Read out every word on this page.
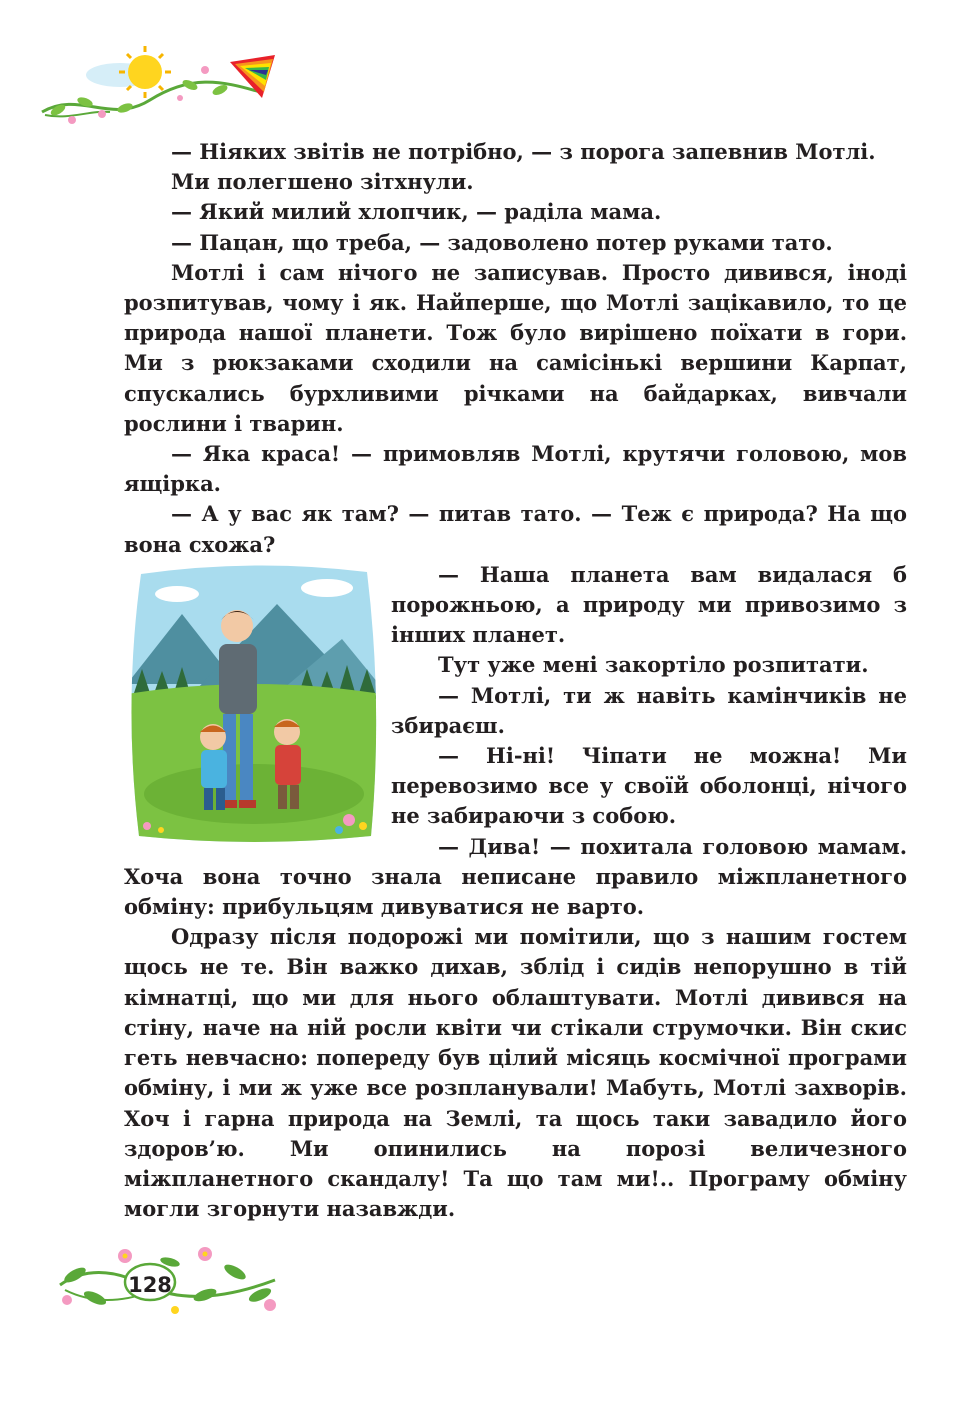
— Ніяких звітів не потрібно, — з порога запевнив Мотлі.

Ми полегшено зітхнули.

— Який милий хлопчик, — раділа мама.

— Пацан, що треба, — задоволено потер руками тато.

Мотлі і сам нічого не записував. Просто дивився, іноді розпитував, чому і як. Найперше, що Мотлі зацікавило, то це природа нашої планети. Тож було вирішено поїхати в гори. Ми з рюкзаками сходили на самісінькі вершини Карпат, спускались бурхливими річками на байдарках, вивчали рослини і тварин.

— Яка краса! — примовляв Мотлі, крутячи головою, мов ящірка.

— А у вас як там? — питав тато. — Теж є природа? На що вона схожа?

— Наша планета вам видалася б порожньою, а природу ми привозимо з інших планет.

Тут уже мені закортіло розпитати.

— Мотлі, ти ж навіть камінчиків не збираєш.

— Ні-ні! Чіпати не можна! Ми перевозимо все у своїй оболонці, нічого не забираючи з собою.

— Дива! — похитала головою мамам. Хоча вона точно знала неписане правило міжпланетного обміну: прибульцям дивуватися не варто.

Одразу після подорожі ми помітили, що з нашим гостем щось не те. Він важко дихав, зблід і сидів непорушно в тій кімнатці, що ми для нього облаштувати. Мотлі дивився на стіну, наче на ній росли квіти чи стікали струмочки. Він скис геть невчасно: попереду був цілий місяць космічної програми обміну, і ми ж уже все розпланували! Мабуть, Мотлі захворів. Хоч і гарна природа на Землі, та щось таки завадило його здоров’ю. Ми опинились на порозі величезного міжпланетного скандалу! Та що там ми!.. Програму обміну могли згорнути назавжди.

128
